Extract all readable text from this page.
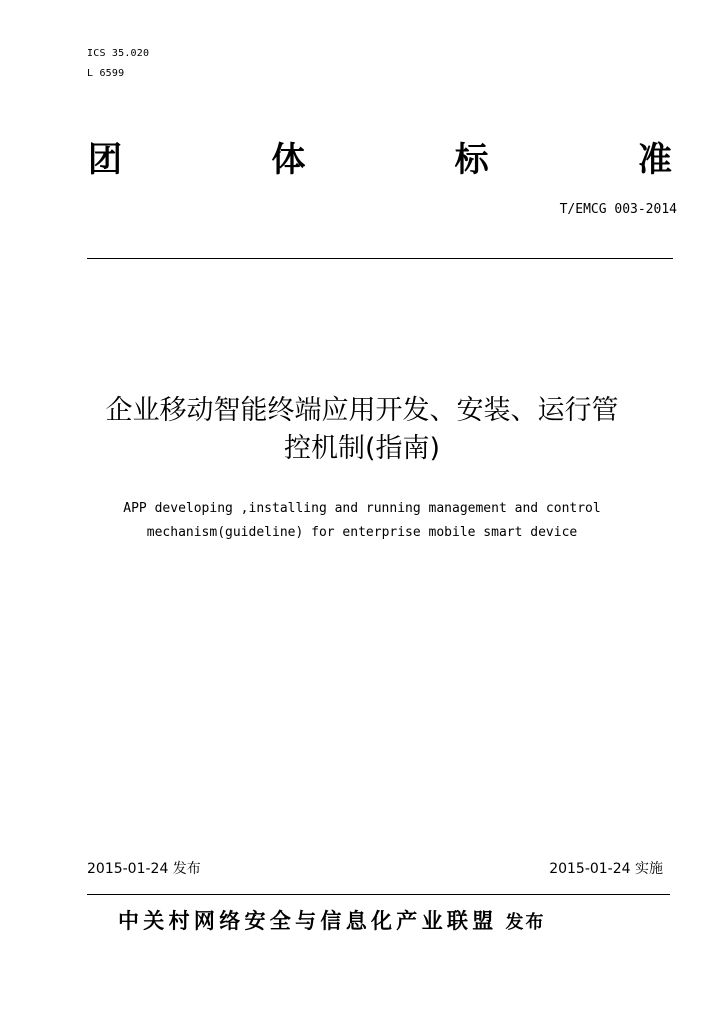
ICS 35.020
L 6599
团	体	标	准
T/EMCG 003-2014
企业移动智能终端应用开发、安装、运行管
控机制(指南)
APP developing ,installing and running management and control
mechanism(guideline) for enterprise mobile smart device
2015-01-24 发布	2015-01-24 实施
中关村网络安全与信息化产业联盟 发布
